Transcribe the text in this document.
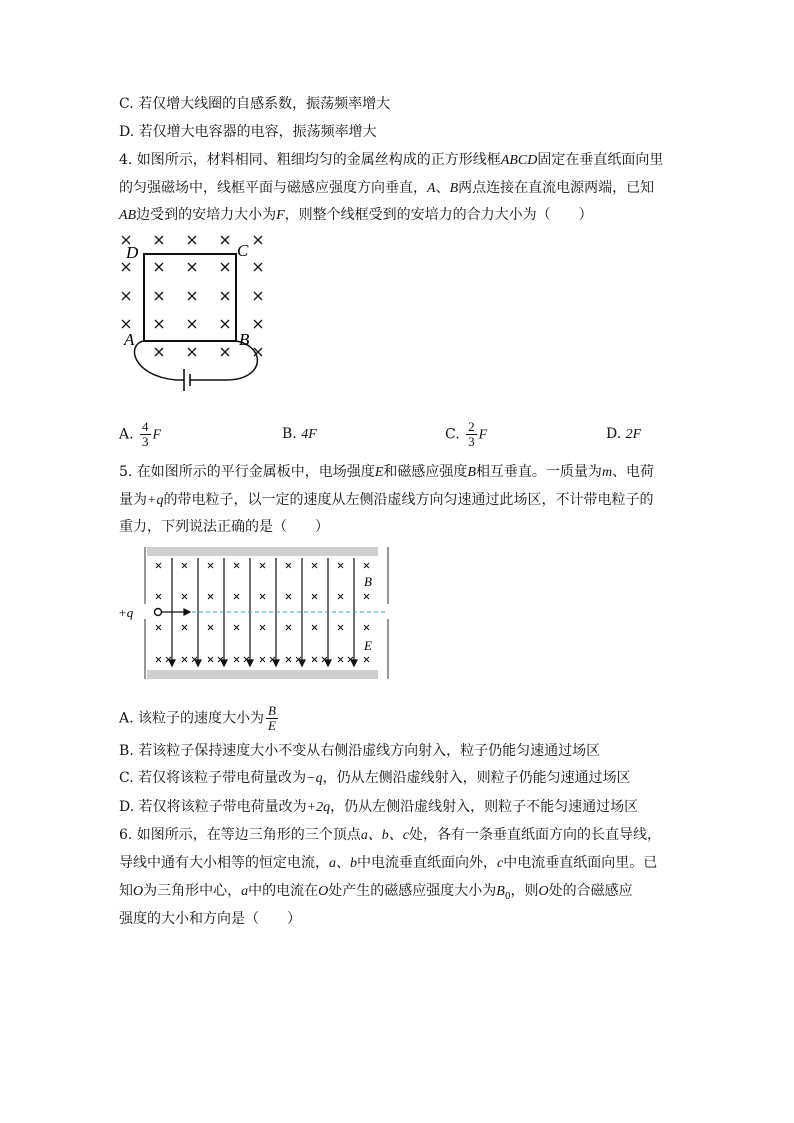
C. 若仅增大线圈的自感系数，振荡频率增大
D. 若仅增大电容器的电容，振荡频率增大
4. 如图所示，材料相同、粗细均匀的金属丝构成的正方形线框ABCD固定在垂直纸面向里
的匀强磁场中，线框平面与磁感应强度方向垂直，A、B两点连接在直流电源两端，已知
AB边受到的安培力大小为F，则整个线框受到的安培力的合力大小为（　　）
D	C
A	B
A. $\frac{4}{3}$ F	B. 4F	C. $\frac{2}{3}$ F	D. 2F
5. 在如图所示的平行金属板中，电场强度E和磁感应强度B相互垂直。一质量为m、电荷
量为+q的带电粒子，以一定的速度从左侧沿虚线方向匀速通过此场区，不计带电粒子的
重力，下列说法正确的是（　　）
+q
B
E
A. 该粒子的速度大小为 $\frac{B}{E}$
B. 若该粒子保持速度大小不变从右侧沿虚线方向射入，粒子仍能匀速通过场区
C. 若仅将该粒子带电荷量改为−q，仍从左侧沿虚线射入，则粒子仍能匀速通过场区
D. 若仅将该粒子带电荷量改为+2q，仍从左侧沿虚线射入，则粒子不能匀速通过场区
6. 如图所示，在等边三角形的三个顶点a、b、c处，各有一条垂直纸面方向的长直导线，
导线中通有大小相等的恒定电流，a、b中电流垂直纸面向外，c中电流垂直纸面向里。已
知O为三角形中心，a中的电流在O处产生的磁感应强度大小为$B_0$，则O处的合磁感应
强度的大小和方向是（　　）
